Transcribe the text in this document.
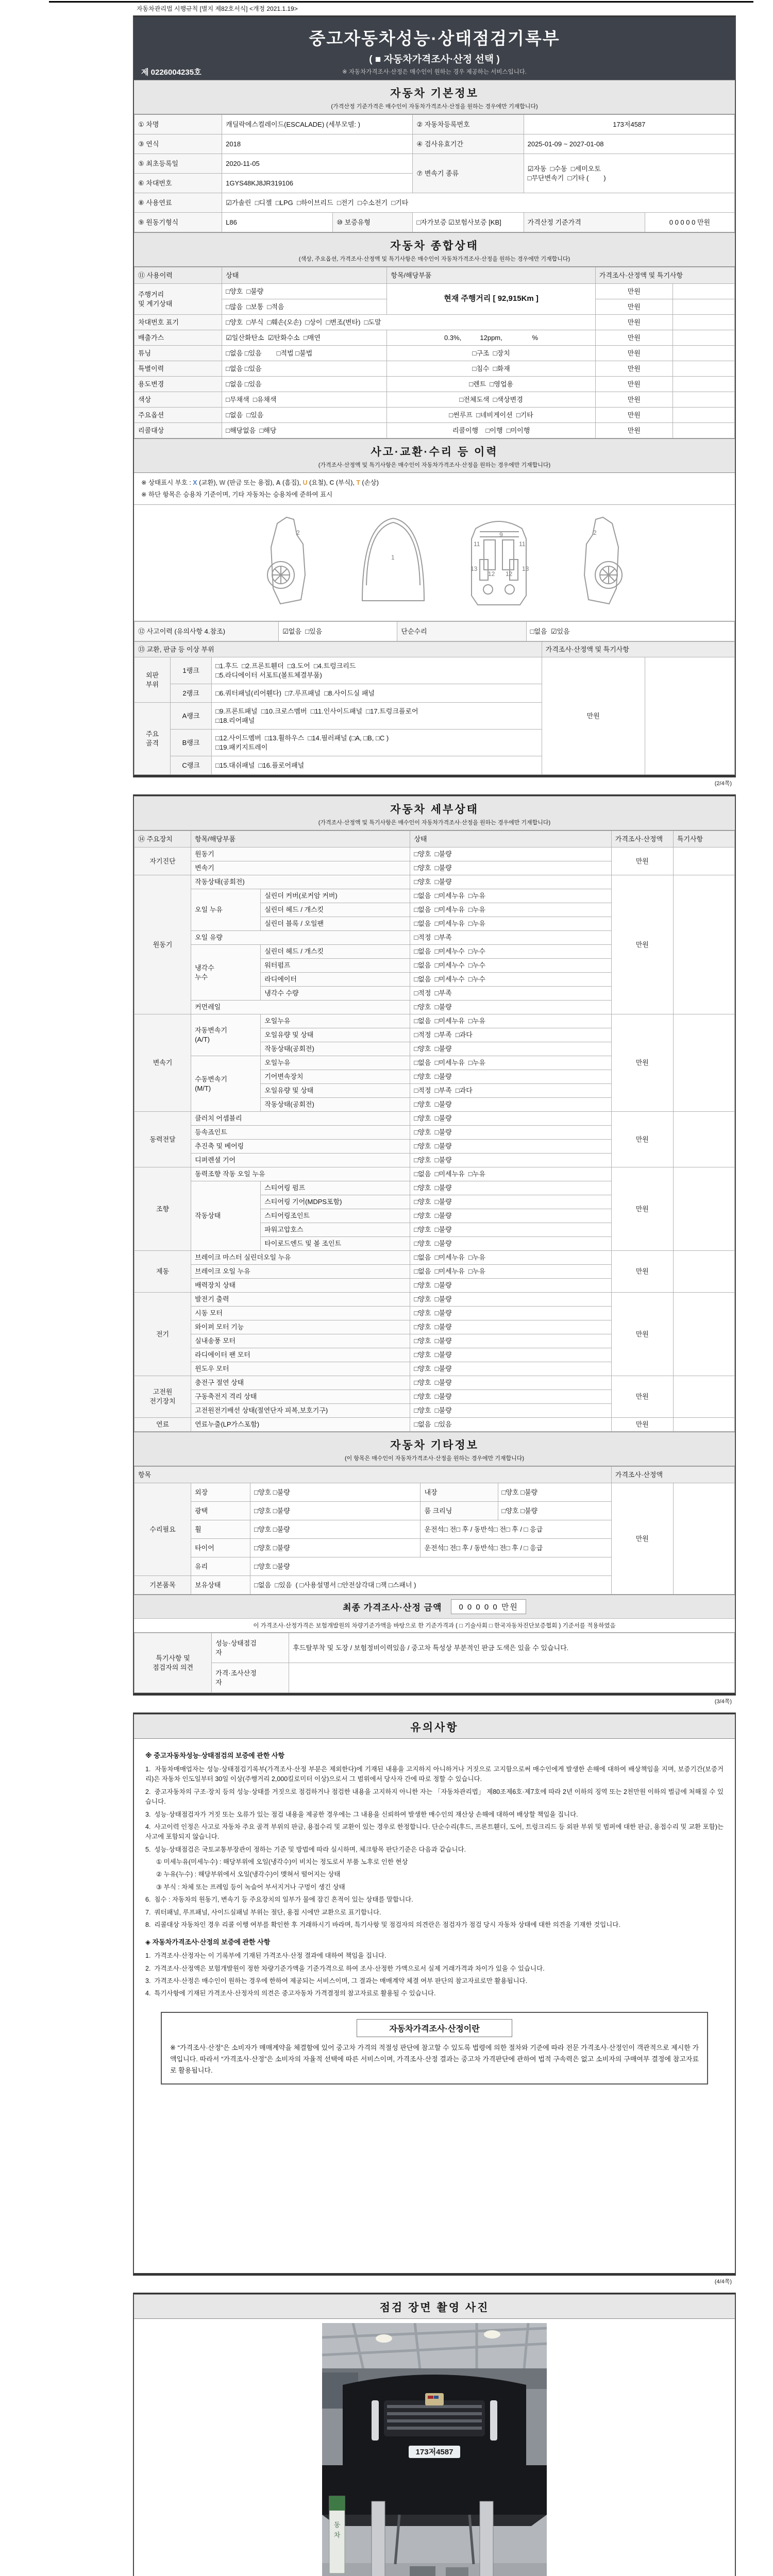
자동차관리법 시행규칙 [별지 제82호서식] <개정 2021.1.19>
중고자동차성능·상태점검기록부
( ■ 자동차가격조사·산정 선택 )
※ 자동차가격조사·산정은 매수인이 원하는 경우 제공하는 서비스입니다.
제 0226004235호
자동차 기본정보
(가격산정 기준가격은 매수인이 자동차가격조사·산정을 원하는 경우에만 기재합니다)
① 차명	캐딜락에스컬레이드(ESCALADE) (세부모델: )		② 자동차등록번호	173저4587	
③ 연식	2018		④ 검사유효기간	2025-01-09 ~ 2027-01-08	
⑤ 최초등록일	2020-11-05		⑦ 변속기 종류	☑자동  □수동  □세미오토
□무단변속기  □기타 (        )	
⑥ 차대번호	1GYS48KJ8JR319106				
⑧ 사용연료	☑가솔린  □디젤  □LPG  □하이브리드  □전기  □수소전기  □기타				
⑨ 원동기형식	L86	⑩ 보증유형	□자가보증 ☑보험사보증 [KB]	가격산정 기준가격	0 0 0 0 0 만원
자동차 종합상태
(색상, 주요옵션, 가격조사·산정액 및 특기사항은 매수인이 자동차가격조사·산정을 원하는 경우에만 기재합니다)
⑪ 사용이력	상태	항목/해당부품	가격조사·산정액 및 특기사항	
주행거리
및 계기상태	□양호  □불량	현재 주행거리 [ 92,915Km ]	만원	
	□많음  □보통  □적음		만원	
차대번호 표기	□양호  □부식  □훼손(오손)  □상이  □변조(변타)  □도말		만원	
배출가스	☑일산화탄소  ☑탄화수소  □매연	0.3%,          12ppm,                %	만원	
튜닝	□없음 □있음        □적법 □불법	□구조  □장치	만원	
특별이력	□없음 □있음	□침수  □화재	만원	
용도변경	□없음 □있음	□렌트  □영업용	만원	
색상	□무채색  □유채색	□전체도색  □색상변경	만원	
주요옵션	□없음  □있음	□썬루프  □네비게이션  □기타	만원	
리콜대상	□해당없음  □해당	리콜이행    □이행  □미이행	만원	
사고·교환·수리 등 이력
(가격조사·산정액 및 특기사항은 매수인이 자동차가격조사·산정을 원하는 경우에만 기재합니다)
※ 상태표시 부호 : X (교환), W (판금 또는 용접), A (흠집), U (요철), C (부식), T (손상)
※ 하단 항목은 승용차 기준이며, 기타 자동차는 승용차에 준하여 표시
2
1
11	11
9
12 12
13	13
2
⑫ 사고이력 (유의사항 4.참조)	☑없음  □있음	단순수리	□없음  ☑있음
⑬ 교환, 판금 등 이상 부위			가격조사·산정액 및 특기사항	
외판
부위	1랭크	□1.후드  □2.프론트휀더  □3.도어  □4.트렁크리드
□5.라디에이터 서포트(볼트체결부품)	만원	
	2랭크	□6.쿼터패널(리어휀다)  □7.루프패널  □8.사이드실 패널		
주요
골격	A랭크	□9.프론트패널  □10.크로스멤버  □11.인사이드패널  □17.트렁크플로어
□18.리어패널		
	B랭크	□12.사이드멤버  □13.휠하우스  □14.필러패널 (□A, □B, □C )
□19.패키지트레이		
	C랭크	□15.대쉬패널  □16.플로어패널		
(2/4쪽)
자동차 세부상태
(가격조사·산정액 및 특기사항은 매수인이 자동차가격조사·산정을 원하는 경우에만 기재합니다)
⑭ 주요장치	항목/해당부품		상태	가격조사·산정액	특기사항
자기진단	원동기		□양호  □불량	만원	
	변속기		□양호  □불량		
원동기	작동상태(공회전)		□양호  □불량	만원	
	오일 누유	실린더 커버(로커암 커버)	□없음  □미세누유  □누유		
		실린더 헤드 / 개스킷	□없음  □미세누유  □누유		
		실린더 블록 / 오일팬	□없음  □미세누유  □누유		
	오일 유량		□적정  □부족		
	냉각수
누수	실린더 헤드 / 개스킷	□없음  □미세누수  □누수		
		워터펌프	□없음  □미세누수  □누수		
		라디에이터	□없음  □미세누수  □누수		
		냉각수 수량	□적정  □부족		
	커먼레일		□양호  □불량		
변속기	자동변속기
(A/T)	오일누유	□없음  □미세누유  □누유	만원	
		오일유량 및 상태	□적정  □부족  □과다		
		작동상태(공회전)	□양호  □불량		
	수동변속기
(M/T)	오일누유	□없음  □미세누유  □누유		
		기어변속장치	□양호  □불량		
		오일유량 및 상태	□적정  □부족  □과다		
		작동상태(공회전)	□양호  □불량		
동력전달	클러치 어셈블리		□양호  □불량	만원	
	등속죠인트		□양호  □불량		
	추진축 및 베어링		□양호  □불량		
	디퍼렌셜 기어		□양호  □불량		
조향	동력조향 작동 오일 누유		□없음  □미세누유  □누유	만원	
	작동상태	스티어링 펌프	□양호  □불량		
		스티어링 기어(MDPS포함)	□양호  □불량		
		스티어링조인트	□양호  □불량		
		파워고압호스	□양호  □불량		
		타이로드엔드 및 볼 조인트	□양호  □불량		
제동	브레이크 마스터 실린더오일 누유		□없음  □미세누유  □누유	만원	
	브레이크 오일 누유		□없음  □미세누유  □누유		
	배력장치 상태		□양호  □불량		
전기	발전기 출력		□양호  □불량	만원	
	시동 모터		□양호  □불량		
	와이퍼 모터 기능		□양호  □불량		
	실내송풍 모터		□양호  □불량		
	라디에이터 팬 모터		□양호  □불량		
	윈도우 모터		□양호  □불량		
고전원
전기장치	충전구 절연 상태		□양호  □불량	만원	
	구동축전지 격리 상태		□양호  □불량		
	고전원전기배선 상태(절연단자 피복,보호기구)		□양호  □불량		
연료	연료누출(LP가스포함)		□없음  □있음	만원	
자동차 기타정보
(이 항목은 매수인이 자동차가격조사·산정을 원하는 경우에만 기재합니다)
항목					가격조사·산정액	
수리필요	외장	□양호 □불량	내장	□양호 □불량	만원	
	광택	□양호 □불량	룸 크리닝	□양호 □불량		
	휠	□양호 □불량	운전석□ 전□ 후 / 동반석□ 전□ 후 / □ 응급			
	타이어	□양호 □불량	운전석□ 전□ 후 / 동반석□ 전□ 후 / □ 응급			
	유리	□양호 □불량				
기본품목	보유상태	□없음  □있음  ( □사용설명서 □안전삼각대 □잭 □스패너 )				
최종 가격조사·산정 금액	0 0 0 0 0 만원
이 가격조사·산정가격은 보험개발원의 차량기준가액을 바탕으로 한 기준가격과 ( □ 기술사회 □ 한국자동차진단보증협회 ) 기준서를 적용하였음
특기사항 및
점검자의 의견	성능·상태점검
자	후드탈부착 및 도장 / 보험정비이력있음 / 중고차 특성상 부분적인 판금 도색은 있을 수 있습니다.
	가격·조사산정
자	
(3/4쪽)
유의사항
※ 중고자동차성능·상태점검의 보증에 관한 사항
1.  자동차매매업자는 성능·상태점검기록부(가격조사·산정 부분은 제외한다)에 기재된 내용을 고지하지 아니하거나 거짓으로 고지함으로써 매수인에게 발생한 손해에 대하여 배상책임을 지며, 보증기간(보증거리)은 자동차 인도일부터 30일 이상(주행거리 2,000킬로미터 이상)으로서 그 범위에서 당사자 간에 따로 정할 수 있습니다.
2.  중고자동차의 구조·장치 등의 성능·상태를 거짓으로 점검하거나 점검한 내용을 고지하지 아니한 자는 「자동차관리법」 제80조제6호·제7호에 따라 2년 이하의 징역 또는 2천만원 이하의 벌금에 처해질 수 있습니다.
3.  성능·상태점검자가 거짓 또는 오류가 있는 점검 내용을 제공한 경우에는 그 내용을 신뢰하여 발생한 매수인의 재산상 손해에 대하여 배상할 책임을 집니다.
4.  사고이력 인정은 사고로 자동차 주요 골격 부위의 판금, 용접수리 및 교환이 있는 경우로 한정합니다. 단순수리(후드, 프론트휀더, 도어, 트렁크리드 등 외판 부위 및 범퍼에 대한 판금, 용접수리 및 교환 포함)는 사고에 포함되지 않습니다.
5.  성능·상태점검은 국토교통부장관이 정하는 기준 및 방법에 따라 실시하며, 체크항목 판단기준은 다음과 같습니다.
① 미세누유(미세누수) : 해당부위에 오일(냉각수)이 비치는 정도로서 부품 노후로 인한 현상
② 누유(누수) : 해당부위에서 오일(냉각수)이 맺혀서 떨어지는 상태
③ 부식 : 차체 또는 프레임 등이 녹슬어 부서지거나 구멍이 생긴 상태
6.  침수 : 자동차의 원동기, 변속기 등 주요장치의 일부가 물에 잠긴 흔적이 있는 상태를 말합니다.
7.  쿼터패널, 루프패널, 사이드실패널 부위는 절단, 용접 시에만 교환으로 표기합니다.
8.  리콜대상 자동차인 경우 리콜 이행 여부를 확인한 후 거래하시기 바라며, 특기사항 및 점검자의 의견란은 점검자가 점검 당시 자동차 상태에 대한 의견을 기재한 것입니다.
◈ 자동차가격조사·산정의 보증에 관한 사항
1.  가격조사·산정자는 이 기록부에 기재된 가격조사·산정 결과에 대하여 책임을 집니다.
2.  가격조사·산정액은 보험개발원이 정한 차량기준가액을 기준가격으로 하여 조사·산정한 가액으로서 실제 거래가격과 차이가 있을 수 있습니다.
3.  가격조사·산정은 매수인이 원하는 경우에 한하여 제공되는 서비스이며, 그 결과는 매매계약 체결 여부 판단의 참고자료로만 활용됩니다.
4.  특기사항에 기재된 가격조사·산정자의 의견은 중고자동차 가격결정의 참고자료로 활용될 수 있습니다.
자동차가격조사·산정이란
※ “가격조사·산정”은 소비자가 매매계약을 체결함에 있어 중고차 가격의 적절성 판단에 참고할 수 있도록 법령에 의한 절차와 기준에 따라 전문 가격조사·산정인이 객관적으로 제시한 가액입니다. 따라서 “가격조사·산정”은 소비자의 자율적 선택에 따른 서비스이며, 가격조사·산정 결과는 중고차 가격판단에 관하여 법적 구속력은 없고 소비자의 구매여부 결정에 참고자료로 활용됩니다.
(4/4쪽)
점검 장면 촬영 사진
173저4587
동
차
